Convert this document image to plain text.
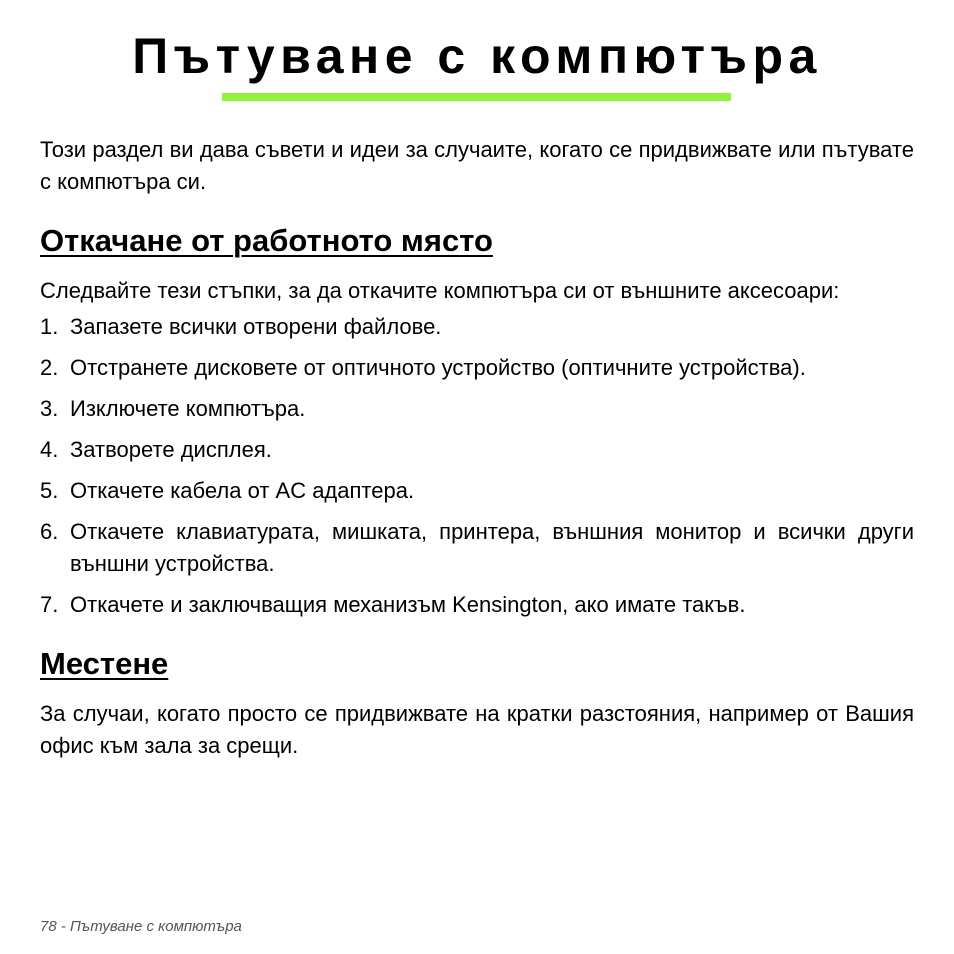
Пътуване с компютъра

Този раздел ви дава съвети и идеи за случаите, когато се придвижвате или пътувате с компютъра си.

Откачане от работното място

Следвайте тези стъпки, за да откачите компютъра си от външните аксесоари:

1. Запазете всички отворени файлове.
2. Отстранете дисковете от оптичното устройство (оптичните устройства).
3. Изключете компютъра.
4. Затворете дисплея.
5. Откачете кабела от AC адаптера.
6. Откачете клавиатурата, мишката, принтера, външния монитор и всички други външни устройства.
7. Откачете и заключващия механизъм Kensington, ако имате такъв.
Местене

За случаи, когато просто се придвижвате на кратки разстояния, например от Вашия офис към зала за срещи.

78 - Пътуване с компютъра
